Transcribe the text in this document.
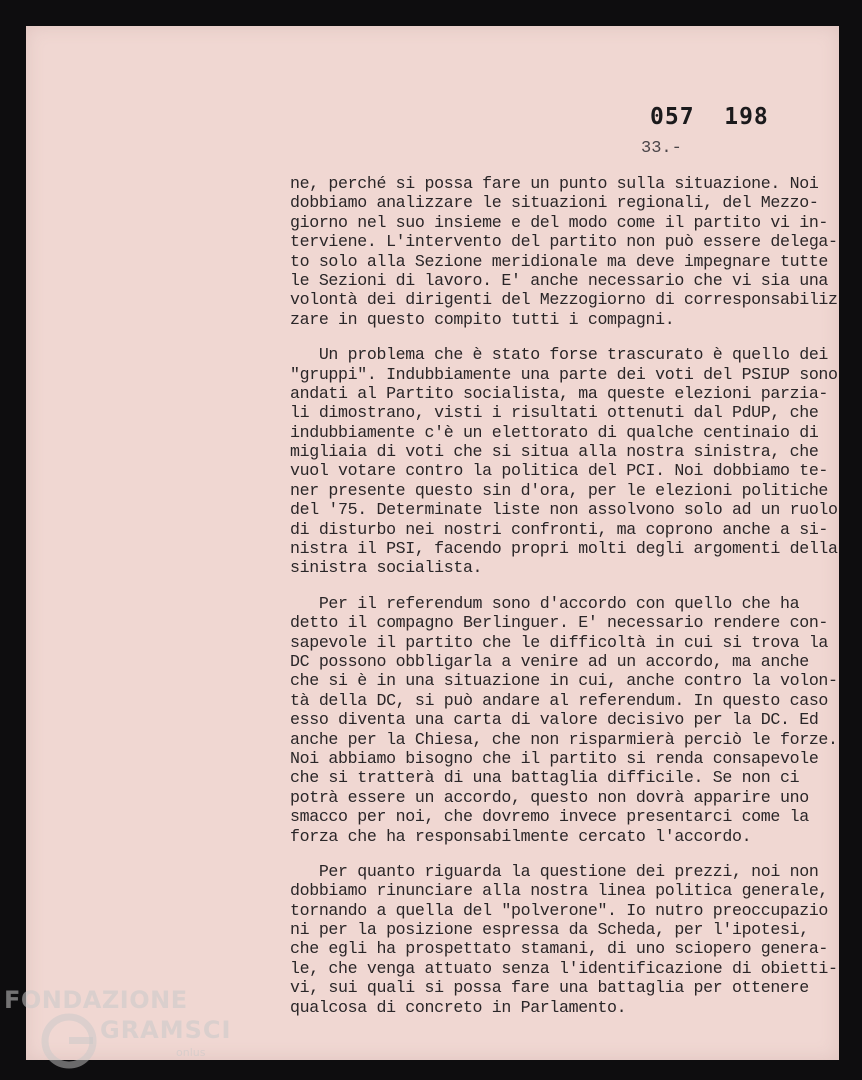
057  198
33.-
ne, perché si possa fare un punto sulla situazione. Noi
dobbiamo analizzare le situazioni regionali, del Mezzo-
giorno nel suo insieme e del modo come il partito vi in-
terviene. L'intervento del partito non può essere delega-
to solo alla Sezione meridionale ma deve impegnare tutte
le Sezioni di lavoro. E' anche necessario che vi sia una
volontà dei dirigenti del Mezzogiorno di corresponsabiliz
zare in questo compito tutti i compagni.
Un problema che è stato forse trascurato è quello dei
"gruppi". Indubbiamente una parte dei voti del PSIUP sono
andati al Partito socialista, ma queste elezioni parzia-
li dimostrano, visti i risultati ottenuti dal PdUP, che
indubbiamente c'è un elettorato di qualche centinaio di
migliaia di voti che si situa alla nostra sinistra, che
vuol votare contro la politica del PCI. Noi dobbiamo te-
ner presente questo sin d'ora, per le elezioni politiche
del '75. Determinate liste non assolvono solo ad un ruolo
di disturbo nei nostri confronti, ma coprono anche a si-
nistra il PSI, facendo propri molti degli argomenti della
sinistra socialista.
Per il referendum sono d'accordo con quello che ha
detto il compagno Berlinguer. E' necessario rendere con-
sapevole il partito che le difficoltà in cui si trova la
DC possono obbligarla a venire ad un accordo, ma anche
che si è in una situazione in cui, anche contro la volon-
tà della DC, si può andare al referendum. In questo caso
esso diventa una carta di valore decisivo per la DC. Ed
anche per la Chiesa, che non risparmierà perciò le forze.
Noi abbiamo bisogno che il partito si renda consapevole
che si tratterà di una battaglia difficile. Se non ci
potrà essere un accordo, questo non dovrà apparire uno
smacco per noi, che dovremo invece presentarci come la
forza che ha responsabilmente cercato l'accordo.
Per quanto riguarda la questione dei prezzi, noi non
dobbiamo rinunciare alla nostra linea politica generale,
tornando a quella del "polverone". Io nutro preoccupazio
ni per la posizione espressa da Scheda, per l'ipotesi,
che egli ha prospettato stamani, di uno sciopero genera-
le, che venga attuato senza l'identificazione di obietti-
vi, sui quali si possa fare una battaglia per ottenere
qualcosa di concreto in Parlamento.
FONDAZIONE
GRAMSCI
onlus
